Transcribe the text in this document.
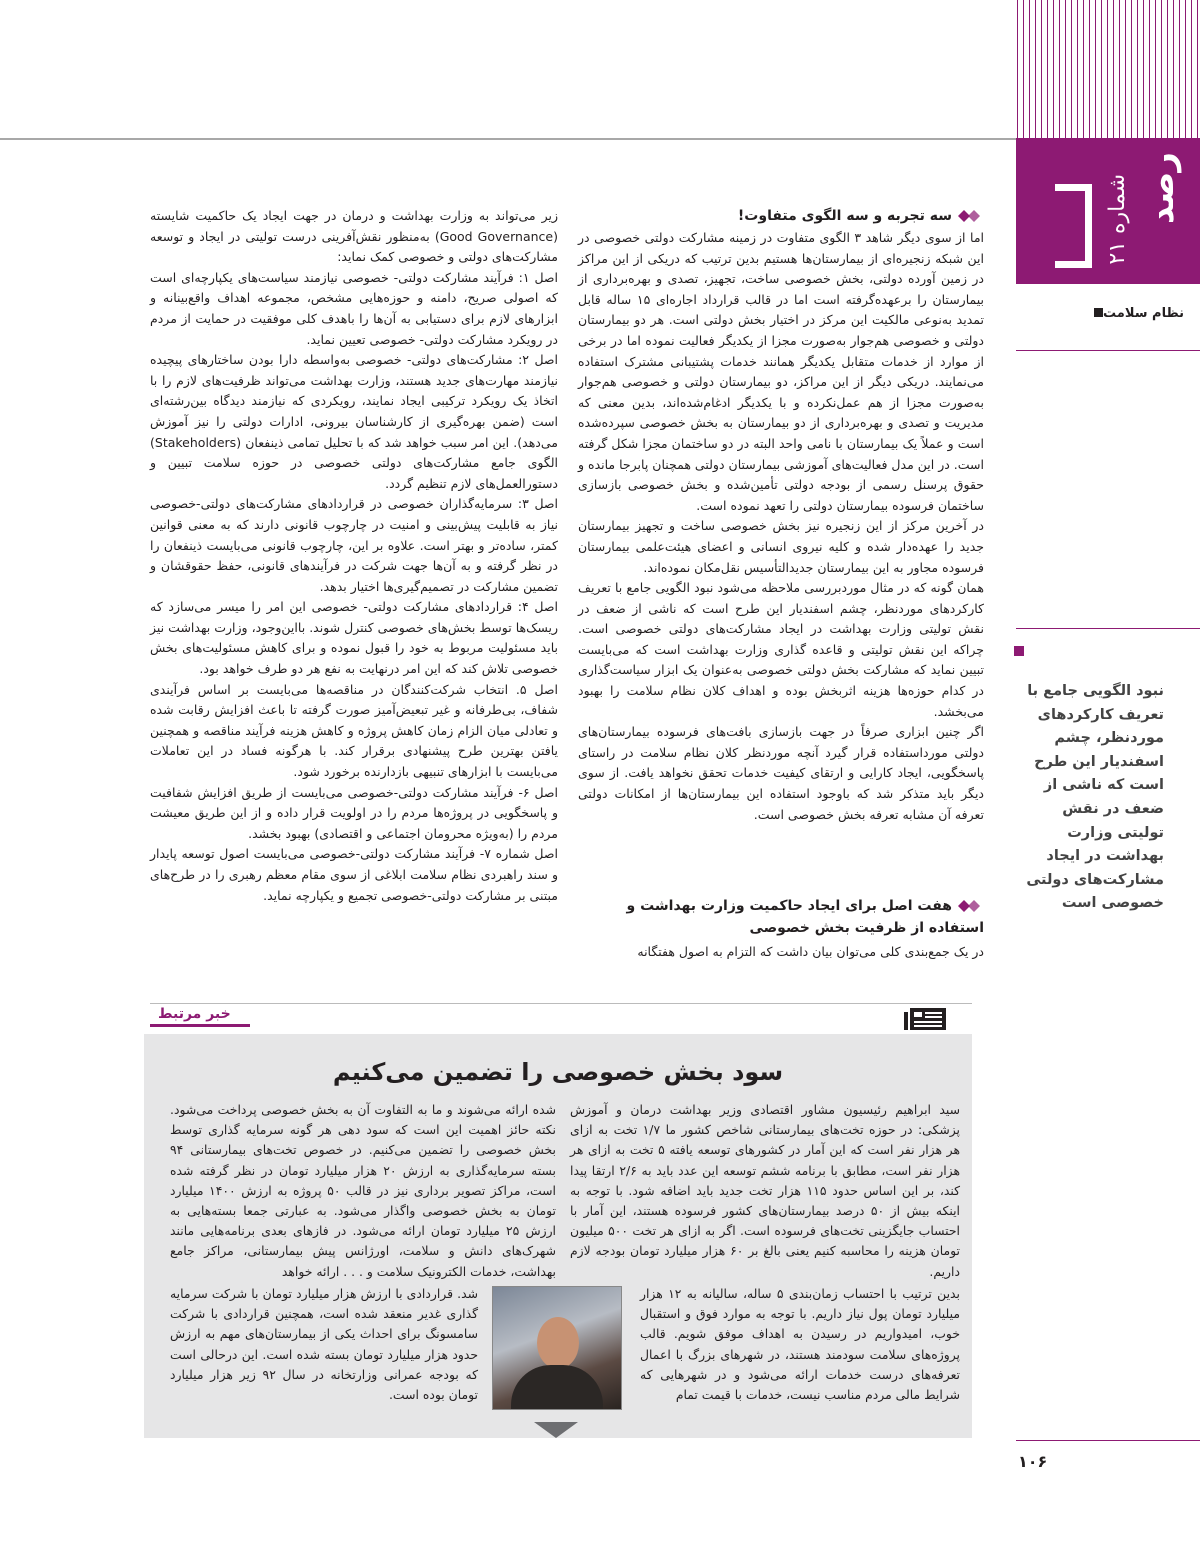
رصد
شماره ۲۱
نظام سلامت
نبود الگویی جامع با تعریف کارکردهای موردنظر، چشم اسفندیار این طرح است که ناشی از ضعف در نقش تولیتی وزارت بهداشت در ایجاد مشارکت‌های دولتی خصوصی است
سه تجربه و سه الگوی متفاوت!

اما از سوی دیگر شاهد ۳ الگوی متفاوت در زمینه مشارکت دولتی خصوصی در این شبکه زنجیره‌ای از بیمارستان‌ها هستیم بدین ترتیب که دریکی از این مراکز در زمین آورده دولتی، بخش خصوصی ساخت، تجهیز، تصدی و بهره‌برداری از بیمارستان را برعهده‌گرفته است اما در قالب قرارداد اجاره‌ای ۱۵ ساله قابل تمدید به‌نوعی مالکیت این مرکز در اختیار بخش دولتی است. هر دو بیمارستان دولتی و خصوصی هم‌جوار به‌صورت مجزا از یکدیگر فعالیت نموده اما در برخی از موارد از خدمات متقابل یکدیگر همانند خدمات پشتیبانی مشترک استفاده می‌نمایند. دریکی دیگر از این مراکز، دو بیمارستان دولتی و خصوصی هم‌جوار به‌صورت مجزا از هم عمل‌نکرده و با یکدیگر ادغام‌شده‌اند، بدین معنی که مدیریت و تصدی و بهره‌برداری از دو بیمارستان به بخش خصوصی سپرده‌شده است و عملاً یک بیمارستان با نامی واحد البته در دو ساختمان مجزا شکل گرفته است. در این مدل فعالیت‌های آموزشی بیمارستان دولتی همچنان پابرجا مانده و حقوق پرسنل رسمی از بودجه دولتی تأمین‌شده و بخش خصوصی بازسازی ساختمان فرسوده بیمارستان دولتی را تعهد نموده است.

در آخرین مرکز از این زنجیره نیز بخش خصوصی ساخت و تجهیز بیمارستان جدید را عهده‌دار شده و کلیه نیروی انسانی و اعضای هیئت‌علمی بیمارستان فرسوده مجاور به این بیمارستان جدیدالتأسیس نقل‌مکان نموده‌اند.

همان گونه که در مثال موردبررسی ملاحظه می‌شود نبود الگویی جامع با تعریف کارکردهای موردنظر، چشم اسفندیار این طرح است که ناشی از ضعف در نقش تولیتی وزارت بهداشت در ایجاد مشارکت‌های دولتی خصوصی است. چراکه این نقش تولیتی و قاعده گذاری وزارت بهداشت است که می‌بایست تبیین نماید که مشارکت بخش دولتی خصوصی به‌عنوان یک ابزار سیاست‌گذاری در کدام حوزه‌ها هزینه اثربخش بوده و اهداف کلان نظام سلامت را بهبود می‌بخشد.

اگر چنین ابزاری صرفاً در جهت بازسازی بافت‌های فرسوده بیمارستان‌های دولتی مورداستفاده قرار گیرد آنچه موردنظر کلان نظام سلامت در راستای پاسخگویی، ایجاد کارایی و ارتقای کیفیت خدمات تحقق نخواهد یافت. از سوی دیگر باید متذکر شد که باوجود استفاده این بیمارستان‌ها از امکانات دولتی تعرفه آن مشابه تعرفه بخش خصوصی است.

هفت اصل برای ایجاد حاکمیت وزارت بهداشت و استفاده از ظرفیت بخش خصوصی

در یک جمع‌بندی کلی می‌توان بیان داشت که التزام به اصول هفتگانه

زیر می‌تواند به وزارت بهداشت و درمان در جهت ایجاد یک حاکمیت شایسته (Good Governance) به‌منظور نقش‌آفرینی درست تولیتی در ایجاد و توسعه مشارکت‌های دولتی و خصوصی کمک نماید:

اصل ۱: فرآیند مشارکت دولتی- خصوصی نیازمند سیاست‌های یکپارچه‌ای است که اصولی صریح، دامنه و حوزه‌هایی مشخص، مجموعه اهداف واقع‌بینانه و ابزارهای لازم برای دستیابی به آن‌ها را باهدف کلی موفقیت در حمایت از مردم در رویکرد مشارکت دولتی- خصوصی تعیین نماید.

اصل ۲: مشارکت‌های دولتی- خصوصی به‌واسطه دارا بودن ساختارهای پیچیده نیازمند مهارت‌های جدید هستند، وزارت بهداشت می‌تواند ظرفیت‌های لازم را با اتخاذ یک رویکرد ترکیبی ایجاد نمایند، رویکردی که نیازمند دیدگاه بین‌رشته‌ای است (ضمن بهره‌گیری از کارشناسان بیرونی، ادارات دولتی را نیز آموزش می‌دهد). این امر سبب خواهد شد که با تحلیل تمامی ذینفعان (Stakeholders) الگوی جامع مشارکت‌های دولتی خصوصی در حوزه سلامت تبیین و دستورالعمل‌های لازم تنظیم گردد.

اصل ۳: سرمایه‌گذاران خصوصی در قراردادهای مشارکت‌های دولتی-خصوصی نیاز به قابلیت پیش‌بینی و امنیت در چارچوب قانونی دارند که به معنی قوانین کمتر، ساده‌تر و بهتر است. علاوه بر این، چارچوب قانونی می‌بایست ذینفعان را در نظر گرفته و به آن‌ها جهت شرکت در فرآیندهای قانونی، حفظ حقوقشان و تضمین مشارکت در تصمیم‌گیری‌ها اختیار بدهد.

اصل ۴: قراردادهای مشارکت دولتی- خصوصی این امر را میسر می‌سازد که ریسک‌ها توسط بخش‌های خصوصی کنترل شوند. بااین‌وجود، وزارت بهداشت نیز باید مسئولیت مربوط به خود را قبول نموده و برای کاهش مسئولیت‌های بخش خصوصی تلاش کند که این امر درنهایت به نفع هر دو طرف خواهد بود.

اصل ۵. انتخاب شرکت‌کنندگان در مناقصه‌ها می‌بایست بر اساس فرآیندی شفاف، بی‌طرفانه و غیر تبعیض‌آمیز صورت گرفته تا باعث افزایش رقابت شده و تعادلی میان الزام زمان کاهش پروژه و کاهش هزینه فرآیند مناقصه و همچنین یافتن بهترین طرح پیشنهادی برقرار کند. با هرگونه فساد در این تعاملات می‌بایست با ابزارهای تنبیهی بازدارنده برخورد شود.

اصل ۶- فرآیند مشارکت دولتی-خصوصی می‌بایست از طریق افزایش شفافیت و پاسخگویی در پروژه‌ها مردم را در اولویت قرار داده و از این طریق معیشت مردم را (به‌ویژه محرومان اجتماعی و اقتصادی) بهبود بخشد.

اصل شماره ۷- فرآیند مشارکت دولتی-خصوصی می‌بایست اصول توسعه پایدار و سند راهبردی نظام سلامت ابلاغی از سوی مقام معظم رهبری را در طرح‌های مبتنی بر مشارکت دولتی-خصوصی تجمیع و یکپارچه نماید.

خبر مرتبط
سود بخش خصوصی را تضمین می‌کنیم
سید ابراهیم رئیسیون مشاور اقتصادی وزیر بهداشت درمان و آموزش پزشکی: در حوزه تخت‌های بیمارستانی شاخص کشور ما ۱/۷ تخت به ازای هر هزار نفر است که این آمار در کشورهای توسعه یافته ۵ تخت به ازای هر هزار نفر است، مطابق با برنامه ششم توسعه این عدد باید به ۲/۶ ارتقا پیدا کند، بر این اساس حدود ۱۱۵ هزار تخت جدید باید اضافه شود. با توجه به اینکه بیش از ۵۰ درصد بیمارستان‌های کشور فرسوده هستند، این آمار با احتساب جایگزینی تخت‌های فرسوده است. اگر به ازای هر تخت ۵۰۰ میلیون تومان هزینه را محاسبه کنیم یعنی بالغ بر ۶۰ هزار میلیارد تومان بودجه لازم داریم.
بدین ترتیب با احتساب زمان‌بندی ۵ ساله، سالیانه به ۱۲ هزار میلیارد تومان پول نیاز داریم. با توجه به موارد فوق و استقبال خوب، امیدواریم در رسیدن به اهداف موفق شویم. قالب پروژه‌های سلامت سودمند هستند، در شهرهای بزرگ با اعمال تعرفه‌های درست خدمات ارائه می‌شود و در شهرهایی که شرایط مالی مردم مناسب نیست، خدمات با قیمت تمام
شده ارائه می‌شوند و ما به التفاوت آن به بخش خصوصی پرداخت می‌شود. نکته حائز اهمیت این است که سود دهی هر گونه سرمایه گذاری توسط بخش خصوصی را تضمین می‌کنیم. در خصوص تخت‌های بیمارستانی ۹۴ بسته سرمایه‌گذاری به ارزش ۲۰ هزار میلیارد تومان در نظر گرفته شده است، مراکز تصویر برداری نیز در قالب ۵۰ پروژه به ارزش ۱۴۰۰ میلیارد تومان به بخش خصوصی واگذار می‌شود. به عبارتی جمعا بسته‌هایی به ارزش ۲۵ میلیارد تومان ارائه می‌شود. در فازهای بعدی برنامه‌هایی مانند شهرک‌های دانش و سلامت، اورژانس پیش بیمارستانی، مراکز جامع بهداشت، خدمات الکترونیک سلامت و . . . ارائه خواهد
شد. قراردادی با ارزش هزار میلیارد تومان با شرکت سرمایه گذاری غدیر منعقد شده است، همچنین قراردادی با شرکت سامسونگ برای احداث یکی از بیمارستان‌های مهم به ارزش حدود هزار میلیارد تومان بسته شده است. این درحالی است که بودجه عمرانی وزارتخانه در سال ۹۲ زیر هزار میلیارد تومان بوده است.
۱۰۶
